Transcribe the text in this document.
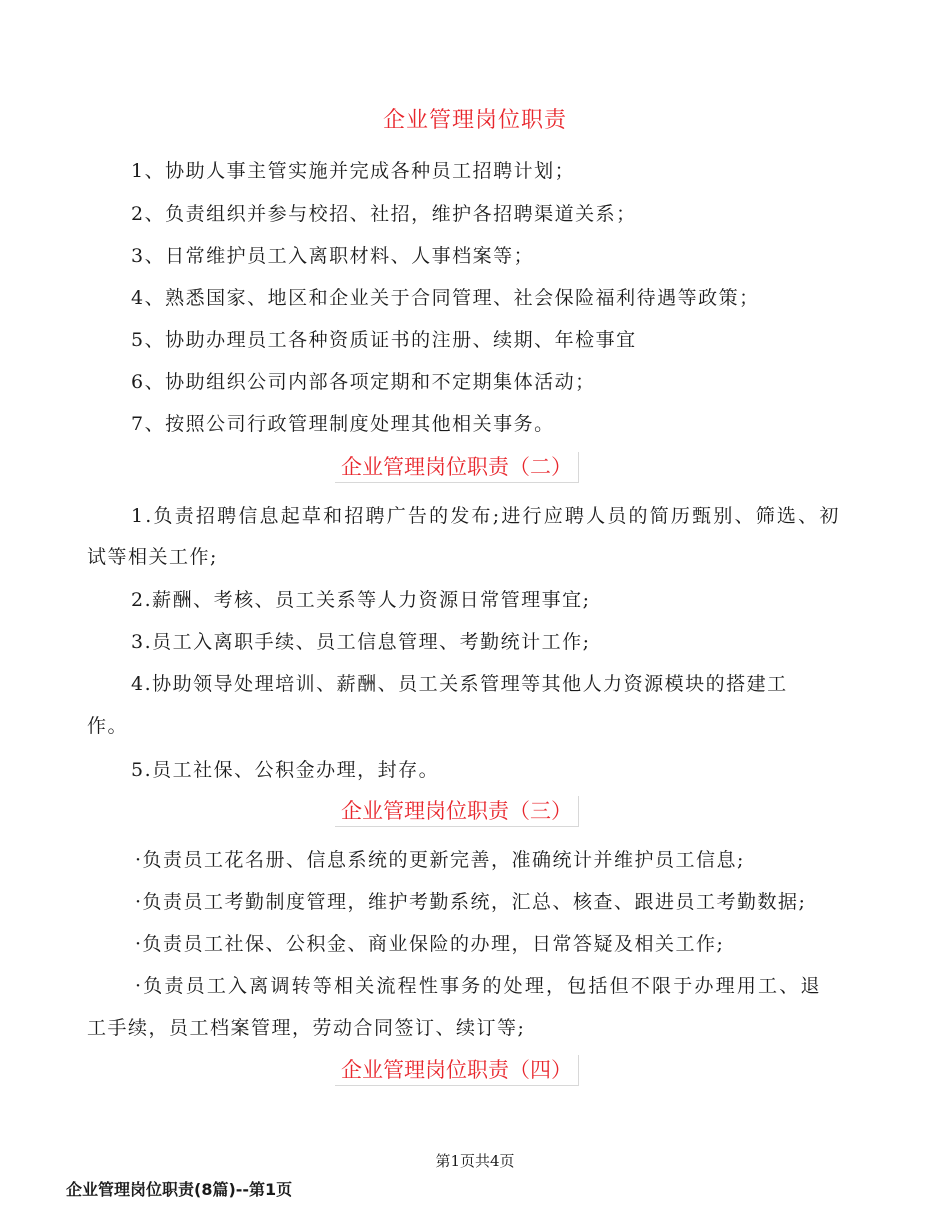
企业管理岗位职责
1、协助人事主管实施并完成各种员工招聘计划；
2、负责组织并参与校招、社招，维护各招聘渠道关系；
3、日常维护员工入离职材料、人事档案等；
4、熟悉国家、地区和企业关于合同管理、社会保险福利待遇等政策；
5、协助办理员工各种资质证书的注册、续期、年检事宜
6、协助组织公司内部各项定期和不定期集体活动；
7、按照公司行政管理制度处理其他相关事务。
企业管理岗位职责（二）
1.负责招聘信息起草和招聘广告的发布;进行应聘人员的简历甄别、筛选、初
试等相关工作;
2.薪酬、考核、员工关系等人力资源日常管理事宜;
3.员工入离职手续、员工信息管理、考勤统计工作;
4.协助领导处理培训、薪酬、员工关系管理等其他人力资源模块的搭建工
作。
5.员工社保、公积金办理，封存。
企业管理岗位职责（三）
·负责员工花名册、信息系统的更新完善，准确统计并维护员工信息;
·负责员工考勤制度管理，维护考勤系统，汇总、核查、跟进员工考勤数据;
·负责员工社保、公积金、商业保险的办理，日常答疑及相关工作;
·负责员工入离调转等相关流程性事务的处理，包括但不限于办理用工、退
工手续，员工档案管理，劳动合同签订、续订等;
企业管理岗位职责（四）
第1页共4页
企业管理岗位职责(8篇)--第1页
